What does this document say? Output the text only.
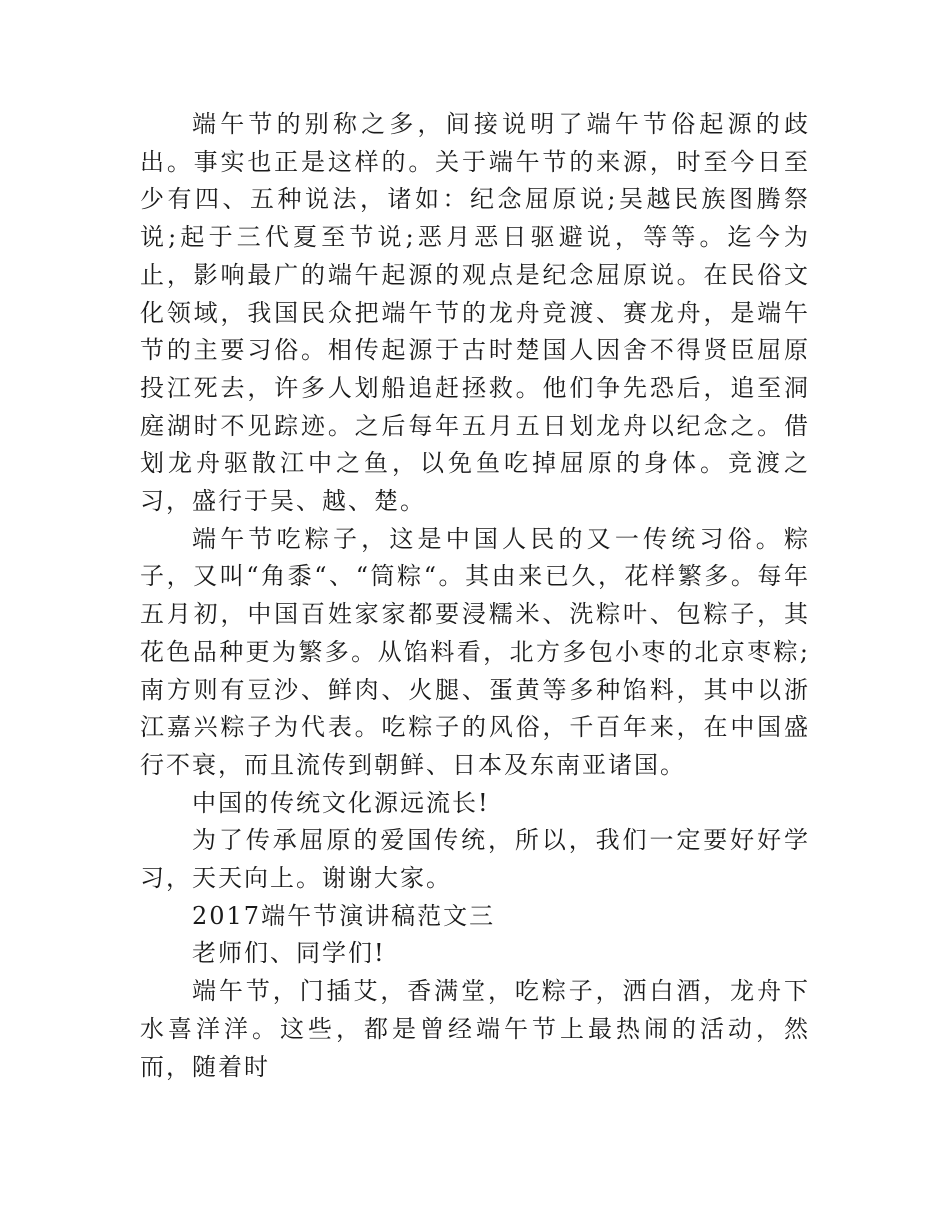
端午节的别称之多，间接说明了端午节俗起源的歧出。事实也正是这样的。关于端午节的来源，时至今日至少有四、五种说法，诸如：纪念屈原说;吴越民族图腾祭说;起于三代夏至节说;恶月恶日驱避说，等等。迄今为止，影响最广的端午起源的观点是纪念屈原说。在民俗文化领域，我国民众把端午节的龙舟竞渡、赛龙舟，是端午节的主要习俗。相传起源于古时楚国人因舍不得贤臣屈原投江死去，许多人划船追赶拯救。他们争先恐后，追至洞庭湖时不见踪迹。之后每年五月五日划龙舟以纪念之。借划龙舟驱散江中之鱼，以免鱼吃掉屈原的身体。竞渡之习，盛行于吴、越、楚。

端午节吃粽子，这是中国人民的又一传统习俗。粽子，又叫“角黍“、“筒粽“。其由来已久，花样繁多。每年五月初，中国百姓家家都要浸糯米、洗粽叶、包粽子，其花色品种更为繁多。从馅料看，北方多包小枣的北京枣粽;南方则有豆沙、鲜肉、火腿、蛋黄等多种馅料，其中以浙江嘉兴粽子为代表。吃粽子的风俗，千百年来，在中国盛行不衰，而且流传到朝鲜、日本及东南亚诸国。

中国的传统文化源远流长!

为了传承屈原的爱国传统，所以，我们一定要好好学习，天天向上。谢谢大家。

2017端午节演讲稿范文三

老师们、同学们!

端午节，门插艾，香满堂，吃粽子，洒白酒，龙舟下水喜洋洋。这些，都是曾经端午节上最热闹的活动，然而，随着时
